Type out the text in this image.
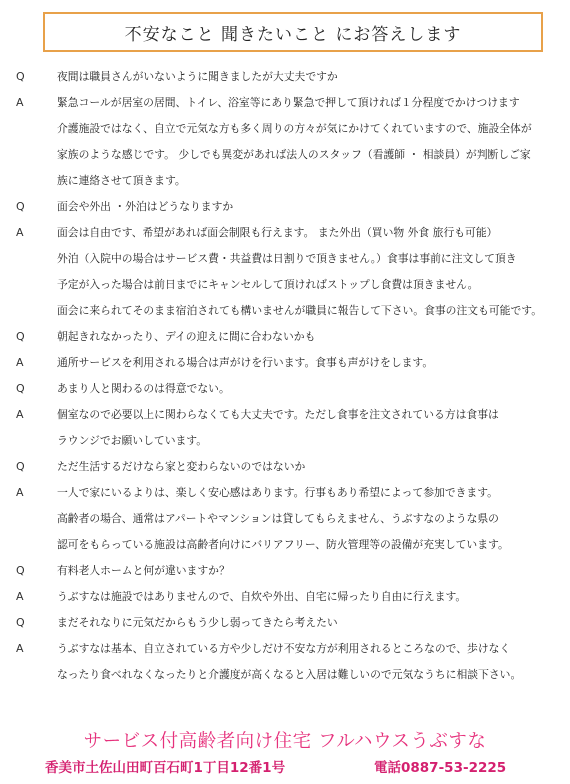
不安なこと 聞きたいこと にお答えします
Q	夜間は職員さんがいないように聞きましたが大丈夫ですか
A	緊急コールが居室の居間、トイレ、浴室等にあり緊急で押して頂ければ１分程度でかけつけます
介護施設ではなく、自立で元気な方も多く周りの方々が気にかけてくれていますので、施設全体が
家族のような感じです。 少しでも異変があれば法人のスタッフ（看護師 ・ 相談員）が判断しご家
族に連絡させて頂きます。
Q	面会や外出 ・外泊はどうなりますか
A	面会は自由です、希望があれば面会制限も行えます。 また外出（買い物 外食 旅行も可能）
外泊（入院中の場合はサービス費・共益費は日割りで頂きません。）食事は事前に注文して頂き
予定が入った場合は前日までにキャンセルして頂ければストップし食費は頂きません。
面会に来られてそのまま宿泊されても構いませんが職員に報告して下さい。食事の注文も可能です。
Q	朝起きれなかったり、デイの迎えに間に合わないかも
A	通所サービスを利用される場合は声がけを行います。食事も声がけをします。
Q	あまり人と関わるのは得意でない。
A	個室なので必要以上に関わらなくても大丈夫です。ただし食事を注文されている方は食事は
ラウンジでお願いしています。
Q	ただ生活するだけなら家と変わらないのではないか
A	一人で家にいるよりは、楽しく安心感はあります。行事もあり希望によって参加できます。
高齢者の場合、通常はアパートやマンションは貸してもらえません、うぶすなのような県の
認可をもらっている施設は高齢者向けにバリアフリー、防火管理等の設備が充実しています。
Q	有料老人ホームと何が違いますか？
A	うぶすなは施設ではありませんので、自炊や外出、自宅に帰ったり自由に行えます。
Q	まだそれなりに元気だからもう少し弱ってきたら考えたい
A	うぶすなは基本、自立されている方や少しだけ不安な方が利用されるところなので、歩けなく
なったり食べれなくなったりと介護度が高くなると入居は難しいので元気なうちに相談下さい。
サービス付高齢者向け住宅 フルハウスうぶすな
香美市土佐山田町百石町1丁目12番1号	電話0887-53-2225
